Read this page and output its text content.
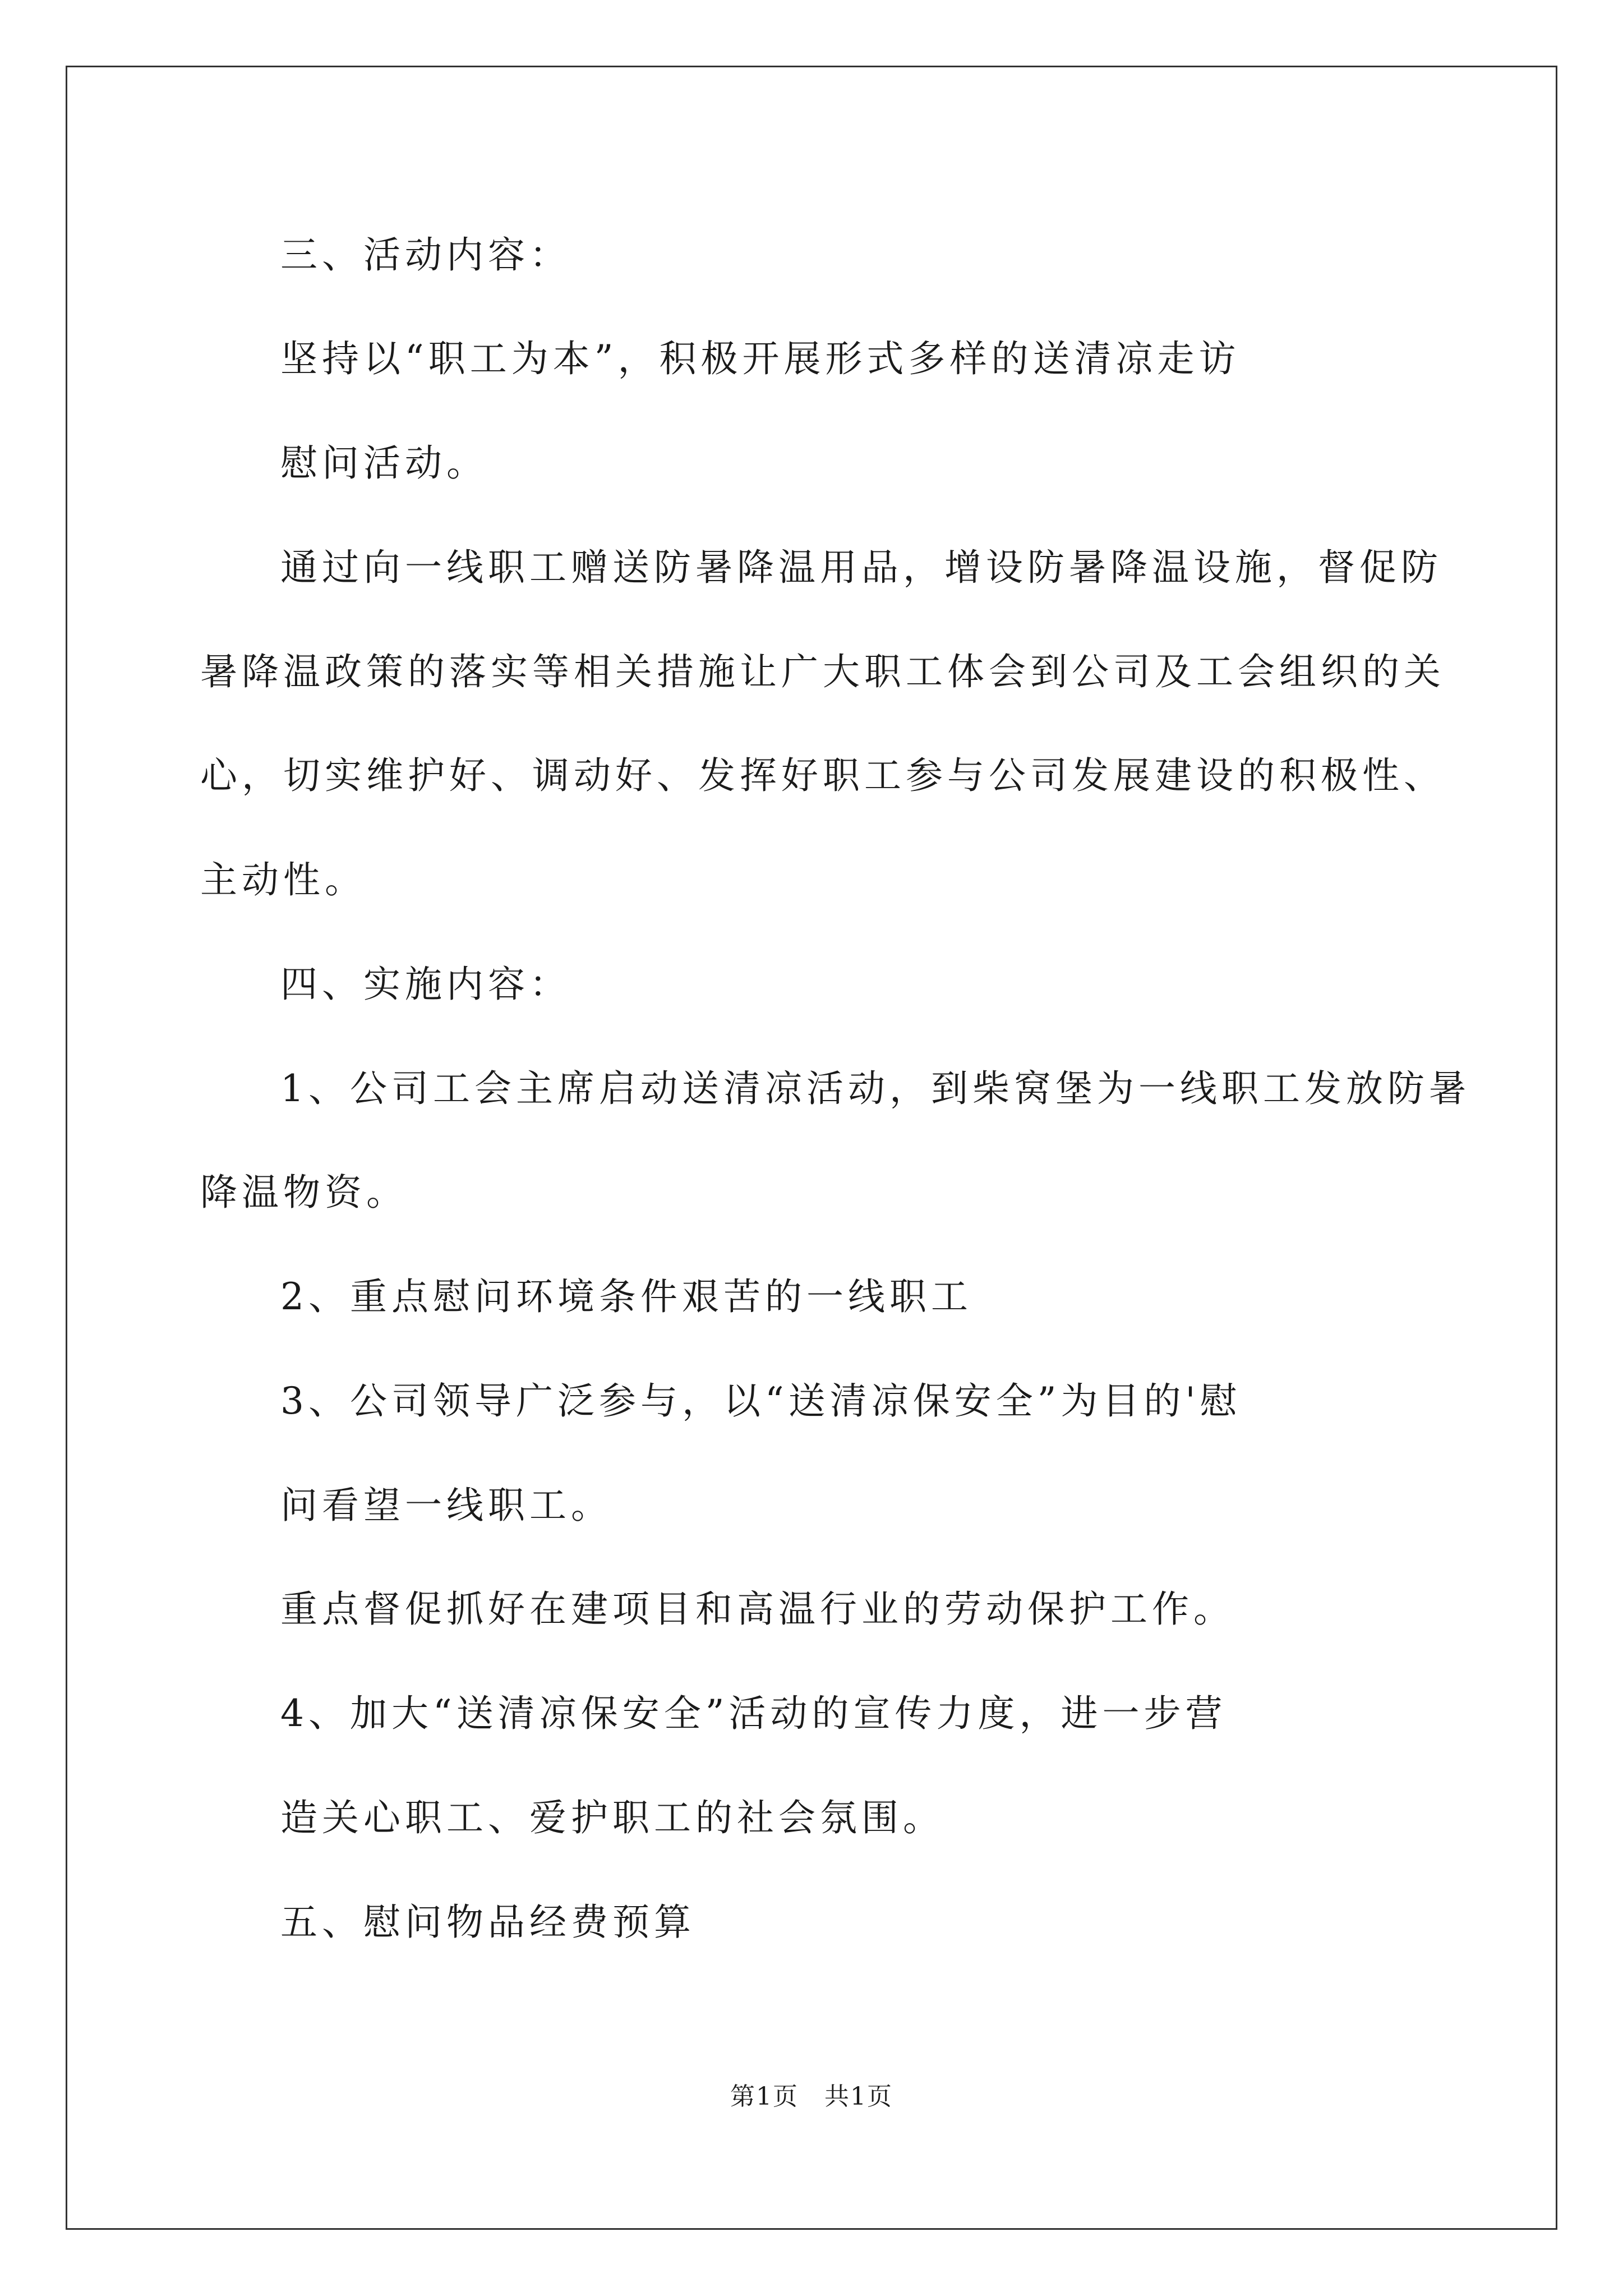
三、活动内容：
坚持以“职工为本”，积极开展形式多样的送清凉走访
慰问活动。
通过向一线职工赠送防暑降温用品，增设防暑降温设施，督促防
暑降温政策的落实等相关措施让广大职工体会到公司及工会组织的关
心，切实维护好、调动好、发挥好职工参与公司发展建设的积极性、
主动性。
四、实施内容：
1、公司工会主席启动送清凉活动，到柴窝堡为一线职工发放防暑
降温物资。
2、重点慰问环境条件艰苦的一线职工
3、公司领导广泛参与，以“送清凉保安全”为目的'慰
问看望一线职工。
重点督促抓好在建项目和高温行业的劳动保护工作。
4、加大“送清凉保安全”活动的宣传力度，进一步营
造关心职工、爱护职工的社会氛围。
五、慰问物品经费预算
第1页　共1页
